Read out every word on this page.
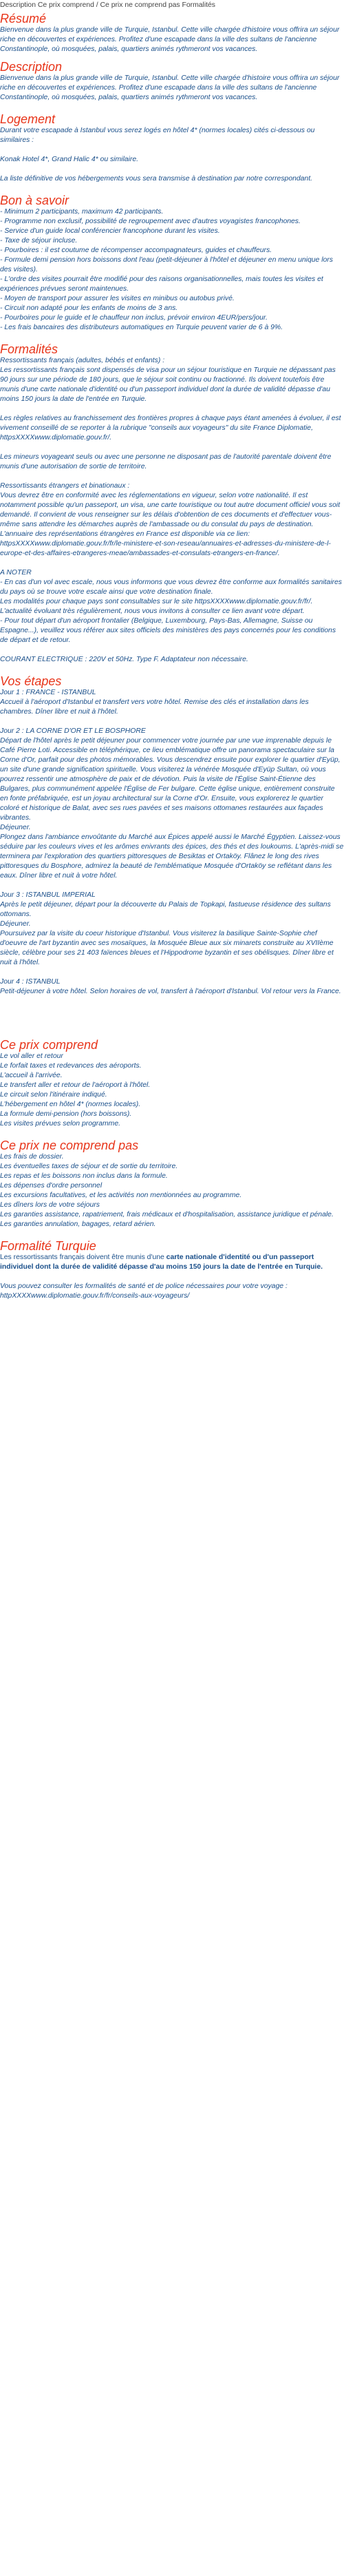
Description Ce prix comprend / Ce prix ne comprend pas Formalités
Résumé
Bienvenue dans la plus grande ville de Turquie, Istanbul. Cette ville chargée d'histoire vous offrira un séjour riche en découvertes et expériences. Profitez d'une escapade dans la ville des sultans de l'ancienne Constantinople, où mosquées, palais, quartiers animés rythmeront vos vacances.
Description
Bienvenue dans la plus grande ville de Turquie, Istanbul. Cette ville chargée d'histoire vous offrira un séjour riche en découvertes et expériences. Profitez d'une escapade dans la ville des sultans de l'ancienne Constantinople, où mosquées, palais, quartiers animés rythmeront vos vacances.
Logement
Durant votre escapade à Istanbul vous serez logés en hôtel 4* (normes locales) cités ci-dessous ou similaires :
Konak Hotel 4*, Grand Halic 4* ou similaire.
La liste définitive de vos hébergements vous sera transmise à destination par notre correspondant.
Bon à savoir
- Minimum 2 participants, maximum 42 participants.
- Programme non exclusif, possibilité de regroupement avec d'autres voyagistes francophones.
- Service d'un guide local conférencier francophone durant les visites.
- Taxe de séjour incluse.
- Pourboires : il est coutume de récompenser accompagnateurs, guides et chauffeurs.
- Formule demi pension hors boissons dont l'eau (petit-déjeuner à l'hôtel et déjeuner en menu unique lors des visites).
- L'ordre des visites pourrait être modifié pour des raisons organisationnelles, mais toutes les visites et expériences prévues seront maintenues.
- Moyen de transport pour assurer les visites en minibus ou autobus privé.
- Circuit non adapté pour les enfants de moins de 3 ans.
- Pourboires pour le guide et le chauffeur non inclus, prévoir environ 4EUR/pers/jour.
- Les frais bancaires des distributeurs automatiques en Turquie peuvent varier de 6 à 9%.
Formalités
Ressortissants français (adultes, bébés et enfants) :
Les ressortissants français sont dispensés de visa pour un séjour touristique en Turquie ne dépassant pas 90 jours sur une période de 180 jours, que le séjour soit continu ou fractionné. Ils doivent toutefois être munis d'une carte nationale d'identité ou d'un passeport individuel dont la durée de validité dépasse d'au moins 150 jours la date de l'entrée en Turquie.
Les règles relatives au franchissement des frontières propres à chaque pays étant amenées à évoluer, il est vivement conseillé de se reporter à la rubrique "conseils aux voyageurs" du site France Diplomatie, httpsXXXXwww.diplomatie.gouv.fr/.
Les mineurs voyageant seuls ou avec une personne ne disposant pas de l'autorité parentale doivent être munis d'une autorisation de sortie de territoire.
Ressortissants étrangers et binationaux :
Vous devrez être en conformité avec les réglementations en vigueur, selon votre nationalité. Il est notamment possible qu'un passeport, un visa, une carte touristique ou tout autre document officiel vous soit demandé. Il convient de vous renseigner sur les délais d'obtention de ces documents et d'effectuer vous-même sans attendre les démarches auprès de l'ambassade ou du consulat du pays de destination.
L'annuaire des représentations étrangères en France est disponible via ce lien: httpsXXXXwww.diplomatie.gouv.fr/fr/le-ministere-et-son-reseau/annuaires-et-adresses-du-ministere-de-l-europe-et-des-affaires-etrangeres-meae/ambassades-et-consulats-etrangers-en-france/.
A NOTER
- En cas d'un vol avec escale, nous vous informons que vous devrez être conforme aux formalités sanitaires du pays où se trouve votre escale ainsi que votre destination finale.
Les modalités pour chaque pays sont consultables sur le site httpsXXXXwww.diplomatie.gouv.fr/fr/. L'actualité évoluant très régulièrement, nous vous invitons à consulter ce lien avant votre départ.
- Pour tout départ d'un aéroport frontalier (Belgique, Luxembourg, Pays-Bas, Allemagne, Suisse ou Espagne...), veuillez vous référer aux sites officiels des ministères des pays concernés pour les conditions de départ et de retour.
COURANT ELECTRIQUE : 220V et 50Hz. Type F. Adaptateur non nécessaire.
Vos étapes
Jour 1 : FRANCE - ISTANBUL
Accueil à l'aéroport d'Istanbul et transfert vers votre hôtel. Remise des clés et installation dans les chambres. Dîner libre et nuit à l'hôtel.
Jour 2 : LA CORNE D'OR ET LE BOSPHORE
Départ de l'hôtel après le petit déjeuner pour commencer votre journée par une vue imprenable depuis le Café Pierre Loti. Accessible en téléphérique, ce lieu emblématique offre un panorama spectaculaire sur la Corne d'Or, parfait pour des photos mémorables. Vous descendrez ensuite pour explorer le quartier d'Eyüp, un site d'une grande signification spirituelle. Vous visiterez la vénérée Mosquée d'Eyüp Sultan, où vous pourrez ressentir une atmosphère de paix et de dévotion. Puis la visite de l'Église Saint-Étienne des Bulgares, plus communément appelée l'Église de Fer bulgare. Cette église unique, entièrement construite en fonte préfabriquée, est un joyau architectural sur la Corne d'Or. Ensuite, vous explorerez le quartier coloré et historique de Balat, avec ses rues pavées et ses maisons ottomanes restaurées aux façades vibrantes.
Déjeuner.
Plongez dans l'ambiance envoûtante du Marché aux Épices appelé aussi le Marché Égyptien. Laissez-vous séduire par les couleurs vives et les arômes enivrants des épices, des thés et des loukoums. L'après-midi se terminera par l'exploration des quartiers pittoresques de Besiktas et Ortaköy. Flânez le long des rives pittoresques du Bosphore, admirez la beauté de l'emblématique Mosquée d'Ortaköy se reflétant dans les eaux. Dîner libre et nuit à votre hôtel.
Jour 3 : ISTANBUL IMPERIAL
Après le petit déjeuner, départ pour la découverte du Palais de Topkapi, fastueuse résidence des sultans ottomans.
Déjeuner.
Poursuivez par la visite du coeur historique d'Istanbul. Vous visiterez la basilique Sainte-Sophie chef d'oeuvre de l'art byzantin avec ses mosaïques, la Mosquée Bleue aux six minarets construite au XVIIème siècle, célèbre pour ses 21 403 faïences bleues et l'Hippodrome byzantin et ses obélisques. Dîner libre et nuit à l'hôtel.
Jour 4 : ISTANBUL
Petit-déjeuner à votre hôtel. Selon horaires de vol, transfert à l'aéroport d'Istanbul. Vol retour vers la France.
Ce prix comprend
Le vol aller et retour
Le forfait taxes et redevances des aéroports.
L'accueil à l'arrivée.
Le transfert aller et retour de l'aéroport à l'hôtel.
Le circuit selon l'itinéraire indiqué.
L'hébergement en hôtel 4* (normes locales).
La formule demi-pension (hors boissons).
Les visites prévues selon programme.
Ce prix ne comprend pas
Les frais de dossier.
Les éventuelles taxes de séjour et de sortie du territoire.
Les repas et les boissons non inclus dans la formule.
Les dépenses d'ordre personnel
Les excursions facultatives, et les activités non mentionnées au programme.
Les dîners lors de votre séjours
Les garanties assistance, rapatriement, frais médicaux et d'hospitalisation, assistance juridique et pénale.
Les garanties annulation, bagages, retard aérien.
Formalité Turquie
Les ressortissants français doivent être munis d'une carte nationale d'identité ou d'un passeport individuel dont la durée de validité dépasse d'au moins 150 jours la date de l'entrée en Turquie.
Vous pouvez consulter les formalités de santé et de police nécessaires pour votre voyage : httpXXXXwww.diplomatie.gouv.fr/fr/conseils-aux-voyageurs/
